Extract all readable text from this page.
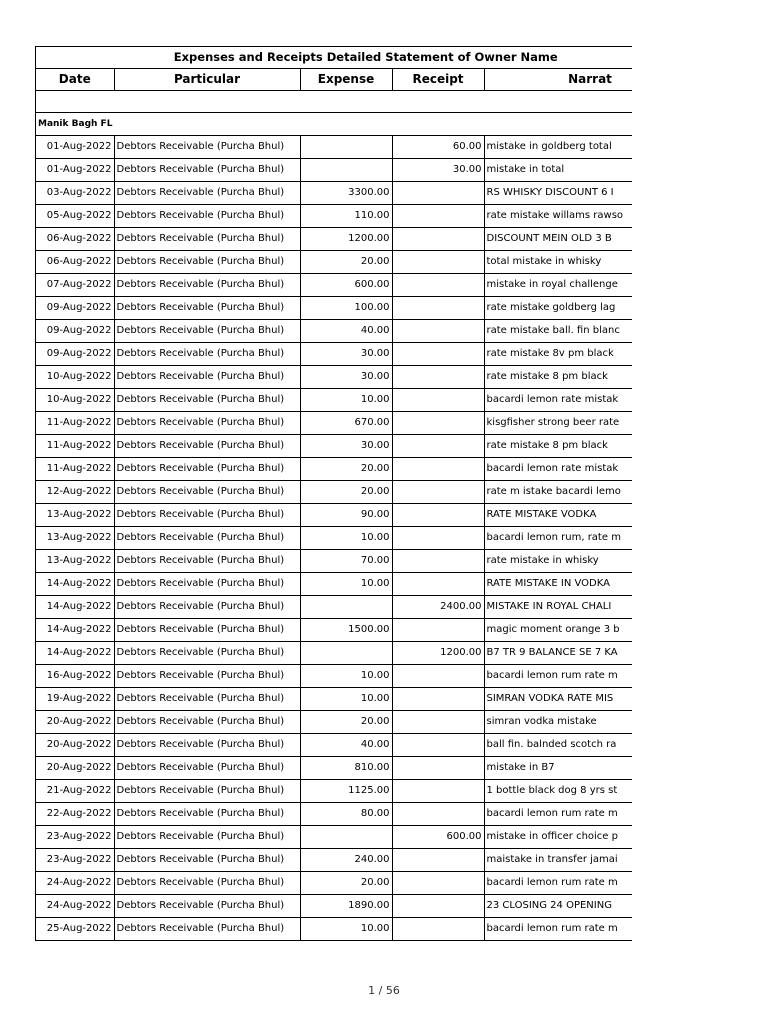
Expenses and Receipts Detailed Statement of Owner Name				
Date	Particular	Expense	Receipt	Narrat

Manik Bagh FL				
01-Aug-2022	Debtors Receivable (Purcha Bhul)		60.00	mistake in goldberg total
01-Aug-2022	Debtors Receivable (Purcha Bhul)		30.00	mistake in total
03-Aug-2022	Debtors Receivable (Purcha Bhul)	3300.00		RS WHISKY DISCOUNT 6 I
05-Aug-2022	Debtors Receivable (Purcha Bhul)	110.00		rate mistake willams rawso
06-Aug-2022	Debtors Receivable (Purcha Bhul)	1200.00		DISCOUNT MEIN OLD 3 B
06-Aug-2022	Debtors Receivable (Purcha Bhul)	20.00		total mistake in whisky
07-Aug-2022	Debtors Receivable (Purcha Bhul)	600.00		mistake in royal challenge
09-Aug-2022	Debtors Receivable (Purcha Bhul)	100.00		rate mistake goldberg lag
09-Aug-2022	Debtors Receivable (Purcha Bhul)	40.00		rate mistake ball. fin blanc
09-Aug-2022	Debtors Receivable (Purcha Bhul)	30.00		rate mistake 8v pm black
10-Aug-2022	Debtors Receivable (Purcha Bhul)	30.00		rate mistake 8 pm black
10-Aug-2022	Debtors Receivable (Purcha Bhul)	10.00		bacardi lemon rate mistak
11-Aug-2022	Debtors Receivable (Purcha Bhul)	670.00		kisgfisher strong beer rate
11-Aug-2022	Debtors Receivable (Purcha Bhul)	30.00		rate mistake 8 pm black
11-Aug-2022	Debtors Receivable (Purcha Bhul)	20.00		bacardi lemon rate mistak
12-Aug-2022	Debtors Receivable (Purcha Bhul)	20.00		rate m istake bacardi lemo
13-Aug-2022	Debtors Receivable (Purcha Bhul)	90.00		RATE MISTAKE VODKA
13-Aug-2022	Debtors Receivable (Purcha Bhul)	10.00		bacardi lemon rum, rate m
13-Aug-2022	Debtors Receivable (Purcha Bhul)	70.00		rate mistake in whisky
14-Aug-2022	Debtors Receivable (Purcha Bhul)	10.00		RATE MISTAKE IN VODKA
14-Aug-2022	Debtors Receivable (Purcha Bhul)		2400.00	MISTAKE IN ROYAL CHALI
14-Aug-2022	Debtors Receivable (Purcha Bhul)	1500.00		magic moment orange 3 b
14-Aug-2022	Debtors Receivable (Purcha Bhul)		1200.00	B7 TR 9 BALANCE SE 7 KA
16-Aug-2022	Debtors Receivable (Purcha Bhul)	10.00		bacardi lemon rum rate m
19-Aug-2022	Debtors Receivable (Purcha Bhul)	10.00		SIMRAN VODKA RATE MIS
20-Aug-2022	Debtors Receivable (Purcha Bhul)	20.00		simran vodka mistake
20-Aug-2022	Debtors Receivable (Purcha Bhul)	40.00		ball fin. balnded scotch ra
20-Aug-2022	Debtors Receivable (Purcha Bhul)	810.00		mistake in B7
21-Aug-2022	Debtors Receivable (Purcha Bhul)	1125.00		1 bottle black dog 8 yrs st
22-Aug-2022	Debtors Receivable (Purcha Bhul)	80.00		bacardi lemon rum rate m
23-Aug-2022	Debtors Receivable (Purcha Bhul)		600.00	mistake in officer choice p
23-Aug-2022	Debtors Receivable (Purcha Bhul)	240.00		maistake in transfer jamai
24-Aug-2022	Debtors Receivable (Purcha Bhul)	20.00		bacardi lemon rum rate m
24-Aug-2022	Debtors Receivable (Purcha Bhul)	1890.00		23 CLOSING 24 OPENING
25-Aug-2022	Debtors Receivable (Purcha Bhul)	10.00		bacardi lemon rum rate m
1 / 56
